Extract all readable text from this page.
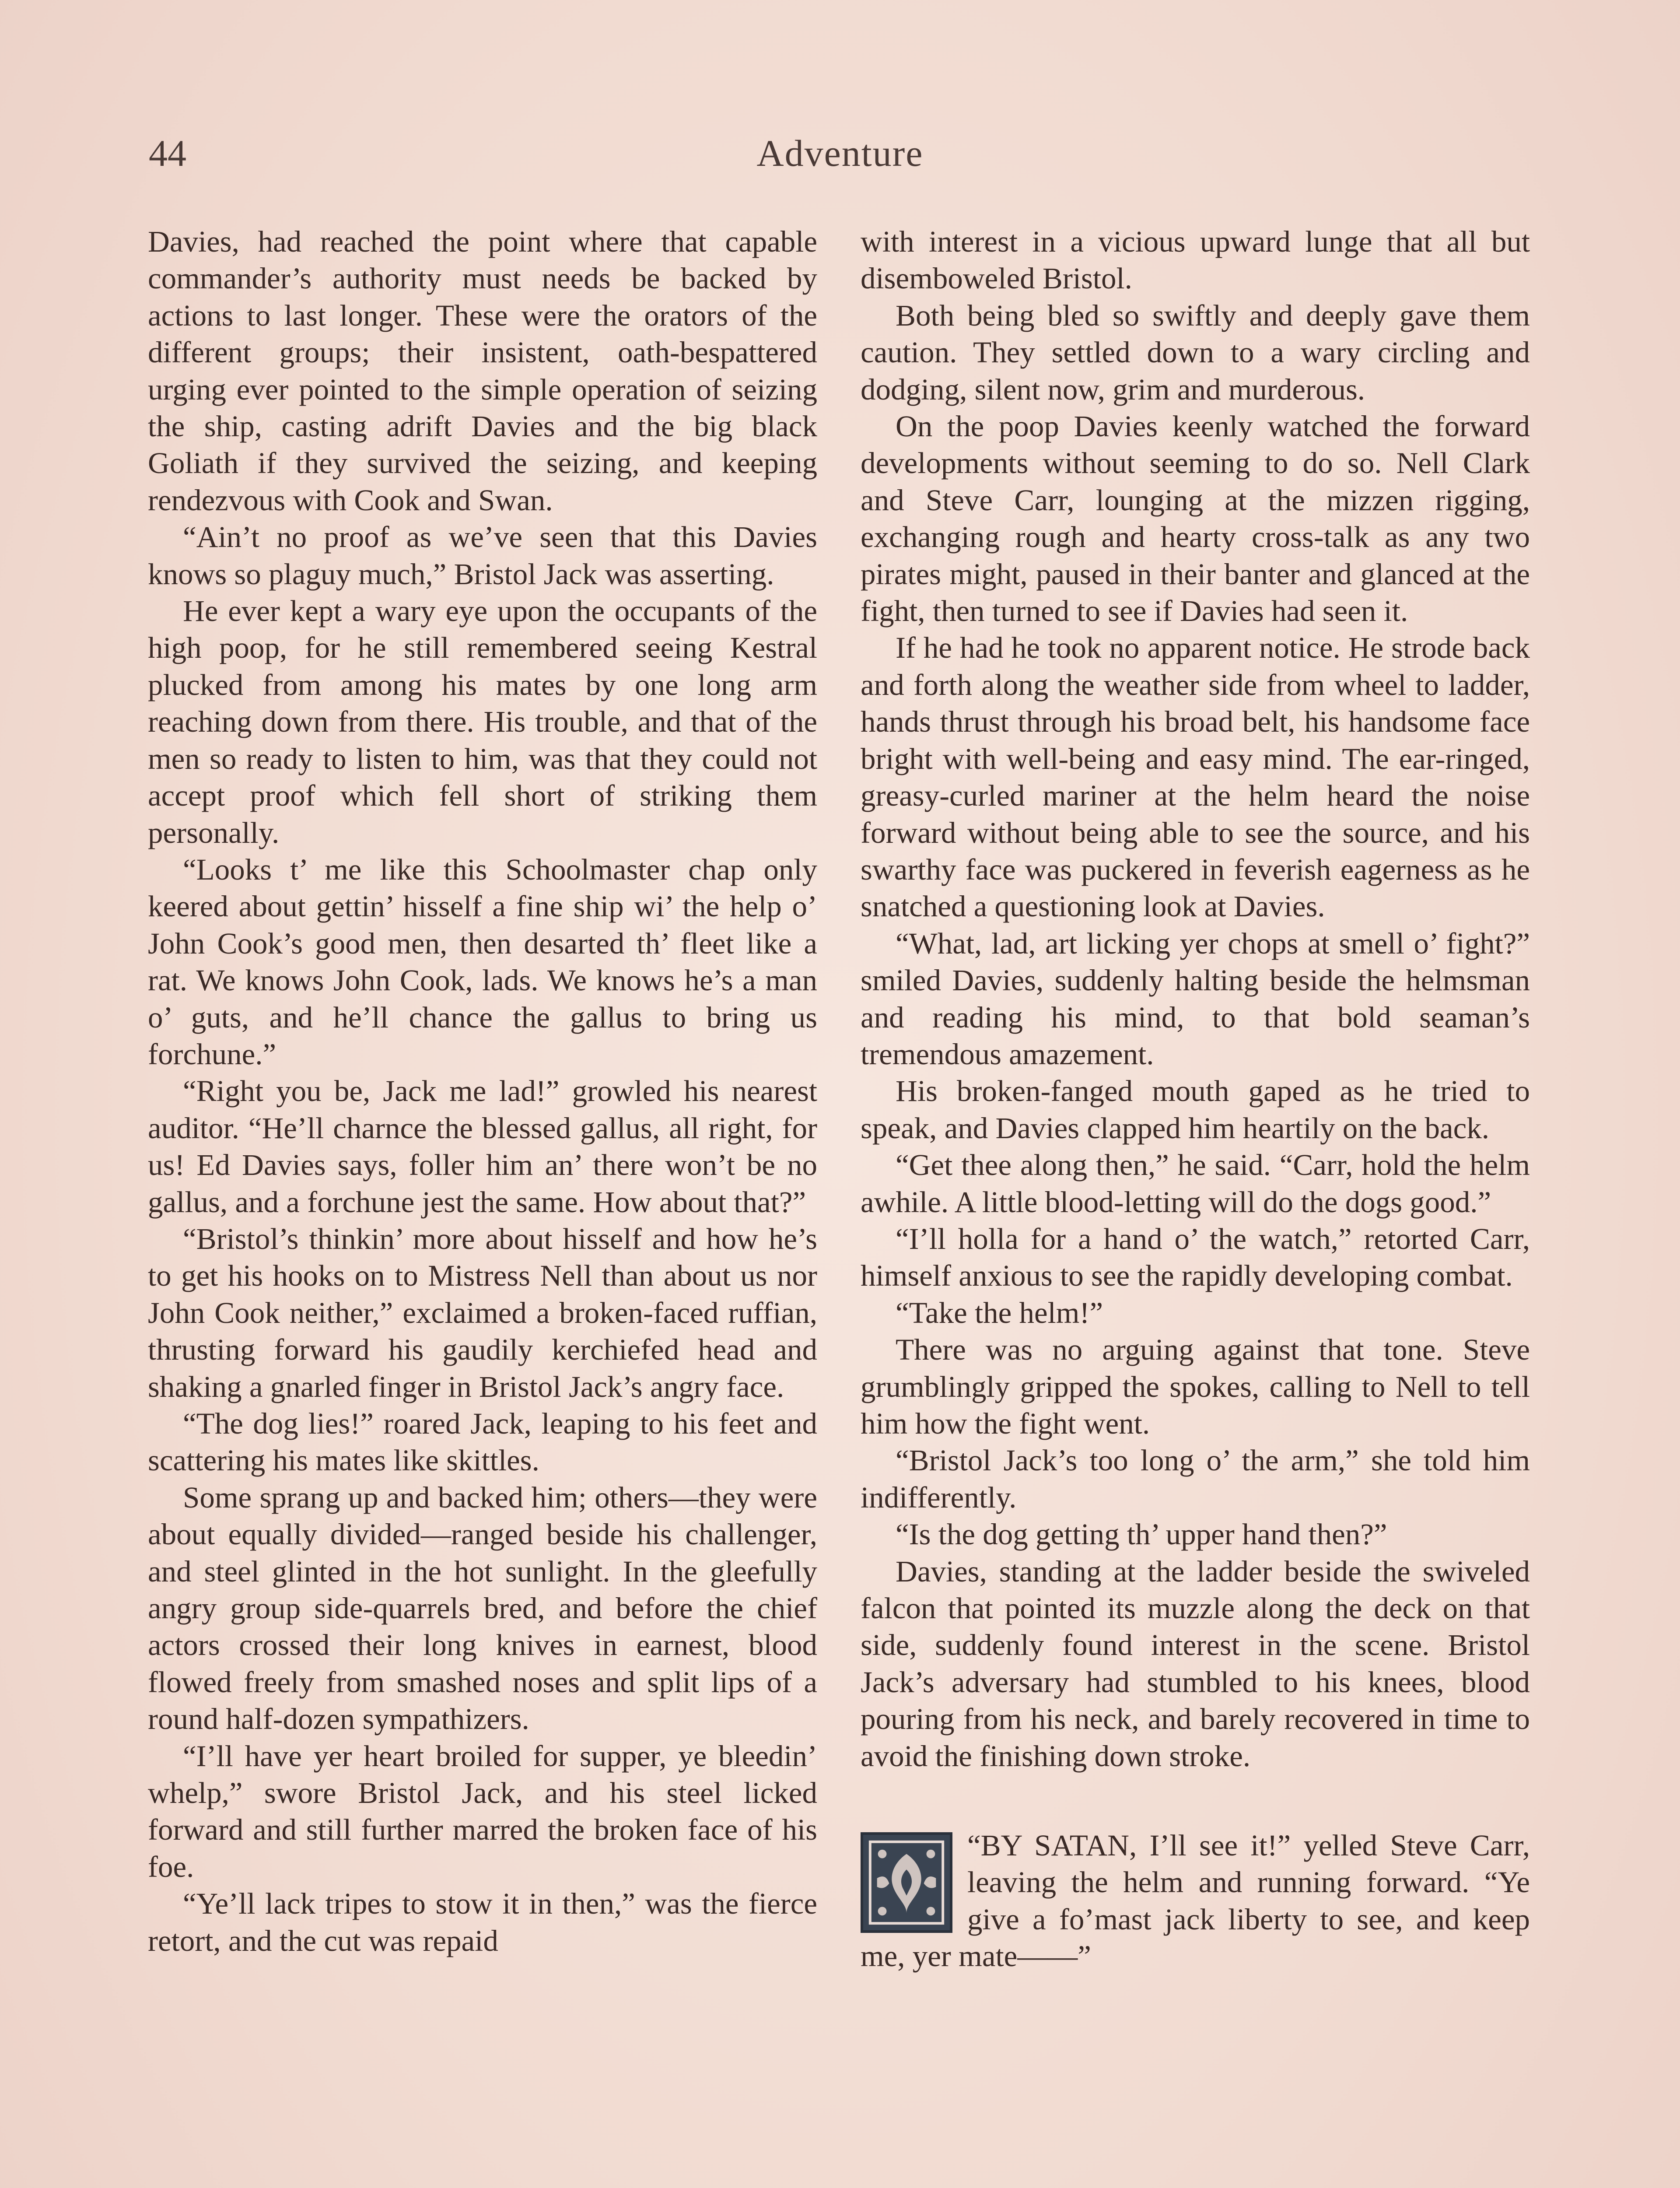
44	Adventure

Davies, had reached the point where that capable commander’s authority must needs be backed by actions to last longer. These were the orators of the different groups; their insistent, oath-bespattered urging ever pointed to the simple operation of seizing the ship, casting adrift Davies and the big black Goliath if they survived the seizing, and keeping rendezvous with Cook and Swan.

“Ain’t no proof as we’ve seen that this Davies knows so plaguy much,” Bristol Jack was asserting.

He ever kept a wary eye upon the occupants of the high poop, for he still remembered seeing Kestral plucked from among his mates by one long arm reaching down from there. His trouble, and that of the men so ready to listen to him, was that they could not accept proof which fell short of striking them personally.

“Looks t’ me like this Schoolmaster chap only keered about gettin’ hisself a fine ship wi’ the help o’ John Cook’s good men, then desarted th’ fleet like a rat. We knows John Cook, lads. We knows he’s a man o’ guts, and he’ll chance the gallus to bring us forchune.”

“Right you be, Jack me lad!” growled his nearest auditor. “He’ll charnce the blessed gallus, all right, for us! Ed Davies says, foller him an’ there won’t be no gallus, and a forchune jest the same. How about that?”

“Bristol’s thinkin’ more about hisself and how he’s to get his hooks on to Mistress Nell than about us nor John Cook neither,” exclaimed a broken-faced ruffian, thrusting forward his gaudily kerchiefed head and shaking a gnarled finger in Bristol Jack’s angry face.

“The dog lies!” roared Jack, leaping to his feet and scattering his mates like skittles.

Some sprang up and backed him; others—they were about equally divided—ranged beside his challenger, and steel glinted in the hot sunlight. In the gleefully angry group side-quarrels bred, and before the chief actors crossed their long knives in earnest, blood flowed freely from smashed noses and split lips of a round half-dozen sympathizers.

“I’ll have yer heart broiled for supper, ye bleedin’ whelp,” swore Bristol Jack, and his steel licked forward and still further marred the broken face of his foe.

“Ye’ll lack tripes to stow it in then,” was the fierce retort, and the cut was repaid

with interest in a vicious upward lunge that all but disemboweled Bristol.

Both being bled so swiftly and deeply gave them caution. They settled down to a wary circling and dodging, silent now, grim and murderous.

On the poop Davies keenly watched the forward developments without seeming to do so. Nell Clark and Steve Carr, lounging at the mizzen rigging, exchanging rough and hearty cross-talk as any two pirates might, paused in their banter and glanced at the fight, then turned to see if Davies had seen it.

If he had he took no apparent notice. He strode back and forth along the weather side from wheel to ladder, hands thrust through his broad belt, his handsome face bright with well-being and easy mind. The ear-ringed, greasy-curled mariner at the helm heard the noise forward without being able to see the source, and his swarthy face was puckered in feverish eagerness as he snatched a questioning look at Davies.

“What, lad, art licking yer chops at smell o’ fight?” smiled Davies, suddenly halting beside the helmsman and reading his mind, to that bold seaman’s tremendous amazement.

His broken-fanged mouth gaped as he tried to speak, and Davies clapped him heartily on the back.

“Get thee along then,” he said. “Carr, hold the helm awhile. A little blood-letting will do the dogs good.”

“I’ll holla for a hand o’ the watch,” retorted Carr, himself anxious to see the rapidly developing combat.

“Take the helm!”

There was no arguing against that tone. Steve grumblingly gripped the spokes, calling to Nell to tell him how the fight went.

“Bristol Jack’s too long o’ the arm,” she told him indifferently.

“Is the dog getting th’ upper hand then?”

Davies, standing at the ladder beside the swiveled falcon that pointed its muzzle along the deck on that side, suddenly found interest in the scene. Bristol Jack’s adversary had stumbled to his knees, blood pouring from his neck, and barely recovered in time to avoid the finishing down stroke.

“BY SATAN, I’ll see it!” yelled Steve Carr, leaving the helm and running forward. “Ye give a fo’mast jack liberty to see, and keep me, yer mate——”
